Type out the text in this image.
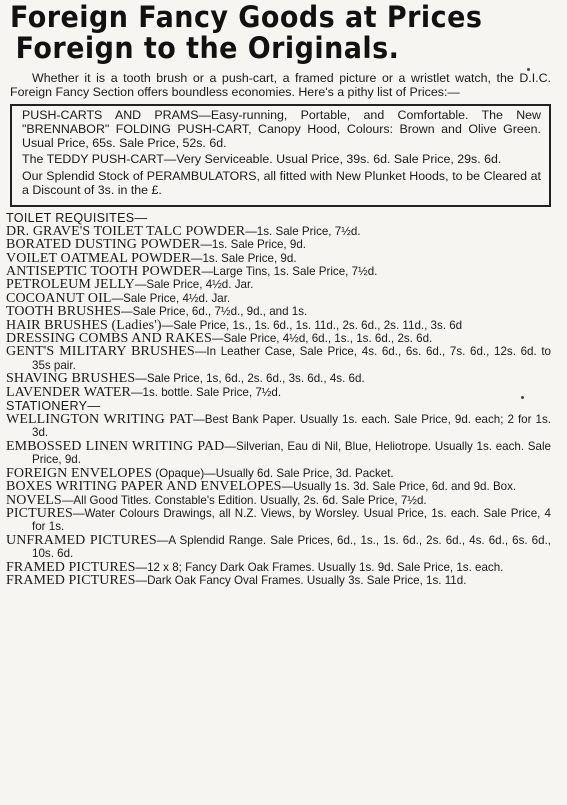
Foreign Fancy Goods at Prices
Foreign to the Originals.

Whether it is a tooth brush or a push-cart, a framed picture or a wristlet watch, the D.I.C. Foreign Fancy Section offers boundless economies. Here's a pithy list of Prices:—

PUSH-CARTS AND PRAMS—Easy-running, Portable, and Comfortable. The New "BRENNABOR" FOLDING PUSH-CART, Canopy Hood, Colours: Brown and Olive Green. Usual Price, 65s. Sale Price, 52s. 6d.

The TEDDY PUSH-CART—Very Serviceable. Usual Price, 39s. 6d. Sale Price, 29s. 6d.

Our Splendid Stock of PERAMBULATORS, all fitted with New Plunket Hoods, to be Cleared at a Discount of 3s. in the £.

TOILET REQUISITES—
DR. GRAVE'S TOILET TALC POWDER—1s. Sale Price, 7½d.
BORATED DUSTING POWDER—1s. Sale Price, 9d.
VOILET OATMEAL POWDER—1s. Sale Price, 9d.
ANTISEPTIC TOOTH POWDER—Large Tins, 1s. Sale Price, 7½d.
PETROLEUM JELLY—Sale Price, 4½d. Jar.
COCOANUT OIL—Sale Price, 4½d. Jar.
TOOTH BRUSHES—Sale Price, 6d., 7½d., 9d., and 1s.
HAIR BRUSHES (Ladies')—Sale Price, 1s., 1s. 6d., 1s. 11d., 2s. 6d., 2s. 11d., 3s. 6d
DRESSING COMBS AND RAKES—Sale Price, 4½d, 6d., 1s., 1s. 6d., 2s. 6d.
GENT'S MILITARY BRUSHES—In Leather Case, Sale Price, 4s. 6d., 6s. 6d., 7s. 6d., 12s. 6d. to 35s pair.
SHAVING BRUSHES—Sale Price, 1s, 6d., 2s. 6d., 3s. 6d., 4s. 6d.
LAVENDER WATER—1s. bottle. Sale Price, 7½d.
STATIONERY—
WELLINGTON WRITING PAT—Best Bank Paper. Usually 1s. each. Sale Price, 9d. each; 2 for 1s. 3d.
EMBOSSED LINEN WRITING PAD—Silverian, Eau di Nil, Blue, Heliotrope. Usually 1s. each. Sale Price, 9d.
FOREIGN ENVELOPES (Opaque)—Usually 6d. Sale Price, 3d. Packet.
BOXES WRITING PAPER AND ENVELOPES—Usually 1s. 3d. Sale Price, 6d. and 9d. Box.
NOVELS—All Good Titles. Constable's Edition. Usually, 2s. 6d. Sale Price, 7½d.
PICTURES—Water Colours Drawings, all N.Z. Views, by Worsley. Usual Price, 1s. each. Sale Price, 4 for 1s.
UNFRAMED PICTURES—A Splendid Range. Sale Prices, 6d., 1s., 1s. 6d., 2s. 6d., 4s. 6d., 6s. 6d., 10s. 6d.
FRAMED PICTURES—12 x 8; Fancy Dark Oak Frames. Usually 1s. 9d. Sale Price, 1s. each.
FRAMED PICTURES—Dark Oak Fancy Oval Frames. Usually 3s. Sale Price, 1s. 11d.
